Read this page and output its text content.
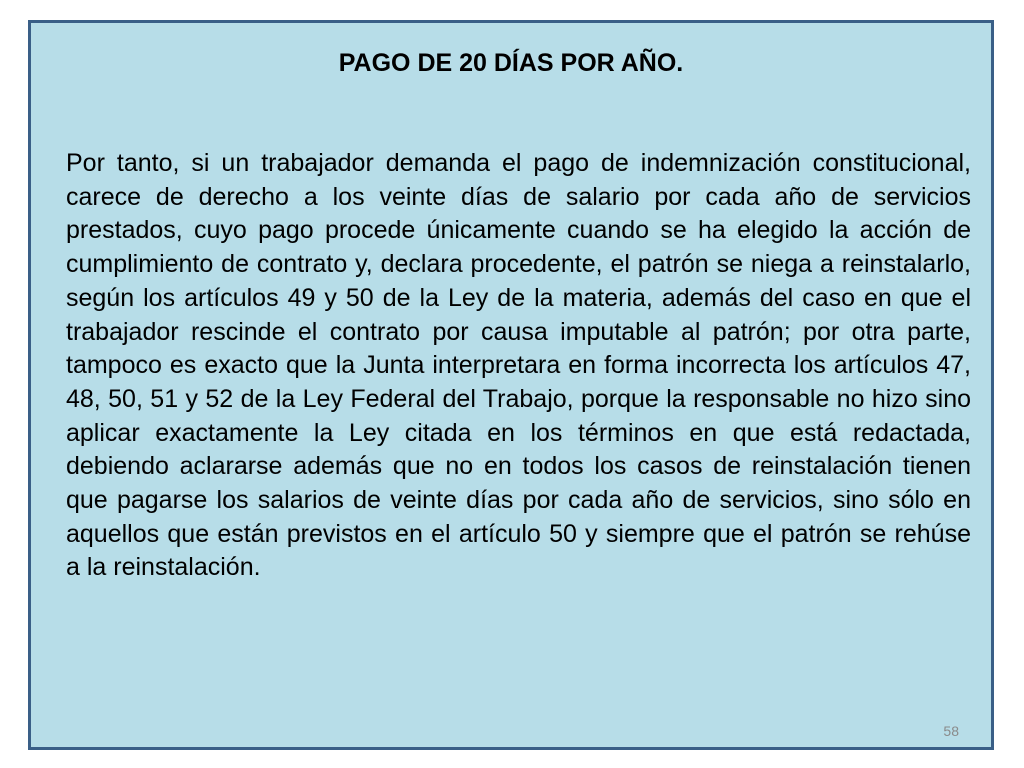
PAGO DE 20 DÍAS POR AÑO.

Por tanto, si un trabajador demanda el pago de indemnización constitucional, carece de derecho a los veinte días de salario por cada año de servicios prestados, cuyo pago procede únicamente cuando se ha elegido la acción de cumplimiento de contrato y, declara procedente, el patrón se niega a reinstalarlo, según los artículos 49 y 50 de la Ley de la materia, además del caso en que el trabajador rescinde el contrato por causa imputable al patrón; por otra parte, tampoco es exacto que la Junta interpretara en forma incorrecta los artículos 47, 48, 50, 51 y 52 de la Ley Federal del Trabajo, porque la responsable no hizo sino aplicar exactamente la Ley citada en los términos en que está redactada, debiendo aclararse además que no en todos los casos de reinstalación tienen que pagarse los salarios de veinte días por cada año de servicios, sino sólo en aquellos que están previstos en el artículo 50 y siempre que el patrón se rehúse a la reinstalación.

58
